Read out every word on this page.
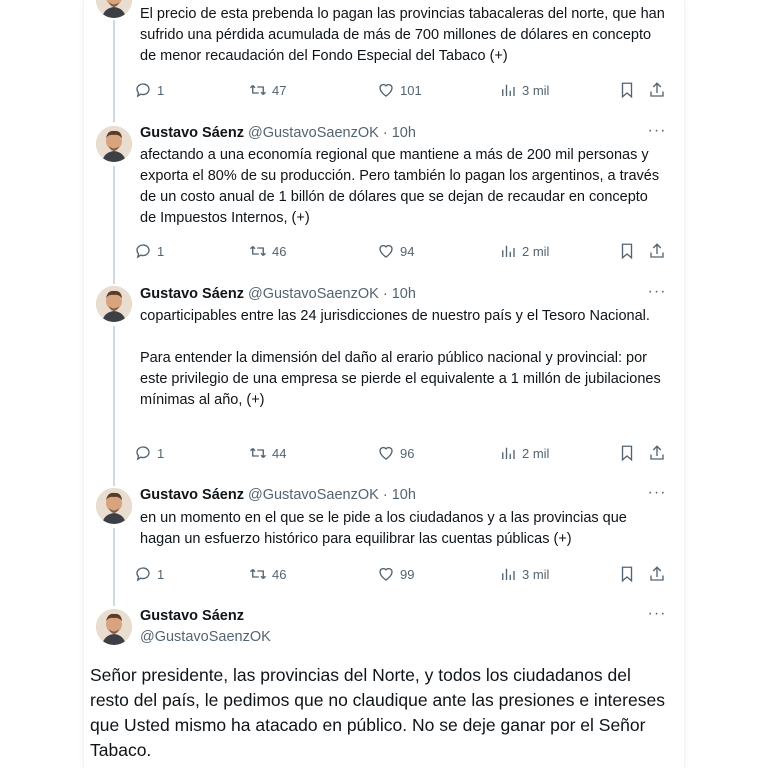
El precio de esta prebenda lo pagan las provincias tabacaleras del norte, que han sufrido una pérdida acumulada de más de 700 millones de dólares en concepto de menor recaudación del Fondo Especial del Tabaco (+)

1	47	101	3 mil
Gustavo Sáenz @GustavoSaenzOK · 10h	···

afectando a una economía regional que mantiene a más de 200 mil personas y exporta el 80% de su producción. Pero también lo pagan los argentinos, a través de un costo anual de 1 billón de dólares que se dejan de recaudar en concepto de Impuestos Internos, (+)

1	46	94	2 mil
Gustavo Sáenz @GustavoSaenzOK · 10h	···

coparticipables entre las 24 jurisdicciones de nuestro país y el Tesoro Nacional.

Para entender la dimensión del daño al erario público nacional y provincial: por este privilegio de una empresa se pierde el equivalente a 1 millón de jubilaciones mínimas al año, (+)

1	44	96	2 mil
Gustavo Sáenz @GustavoSaenzOK · 10h	···

en un momento en el que se le pide a los ciudadanos y a las provincias que hagan un esfuerzo histórico para equilibrar las cuentas públicas (+)

1	46	99	3 mil
Gustavo Sáenz
@GustavoSaenzOK
···
Señor presidente, las provincias del Norte, y todos los ciudadanos del resto del país, le pedimos que no claudique ante las presiones e intereses que Usted mismo ha atacado en público. No se deje ganar por el Señor Tabaco.
